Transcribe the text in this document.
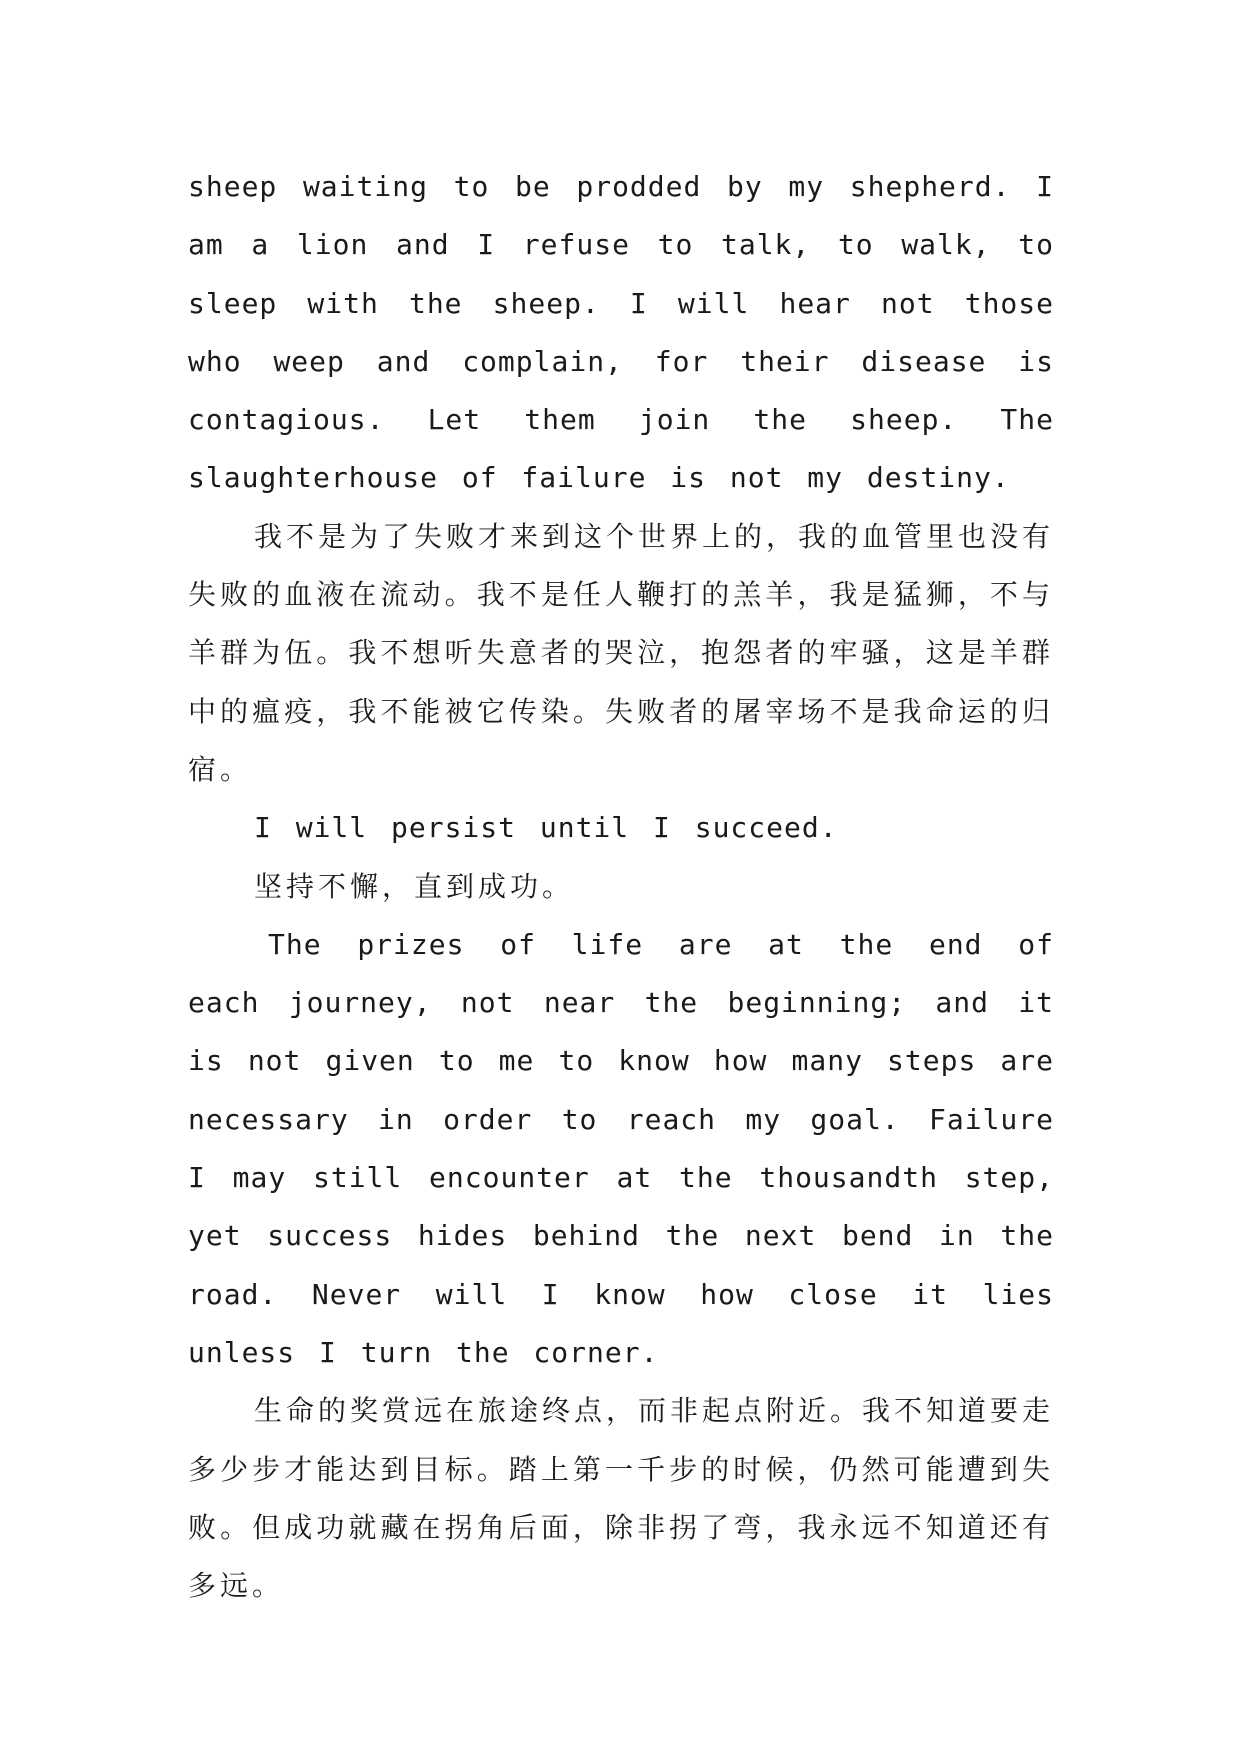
sheep waiting to be prodded by my shepherd. I am a lion and I refuse to talk, to walk, to sleep with the sheep. I will hear not those who weep and complain, for their disease is contagious. Let them join the sheep. The slaughterhouse of failure is not my destiny.

我不是为了失败才来到这个世界上的，我的血管里也没有失败的血液在流动。我不是任人鞭打的羔羊，我是猛狮，不与羊群为伍。我不想听失意者的哭泣，抱怨者的牢骚，这是羊群中的瘟疫，我不能被它传染。失败者的屠宰场不是我命运的归宿。

I will persist until I succeed.

坚持不懈，直到成功。

The prizes of life are at the end of each journey, not near the beginning; and it is not given to me to know how many steps are necessary in order to reach my goal. Failure I may still encounter at the thousandth step, yet success hides behind the next bend in the road. Never will I know how close it lies unless I turn the corner.

生命的奖赏远在旅途终点，而非起点附近。我不知道要走多少步才能达到目标。踏上第一千步的时候，仍然可能遭到失败。但成功就藏在拐角后面，除非拐了弯，我永远不知道还有多远。
